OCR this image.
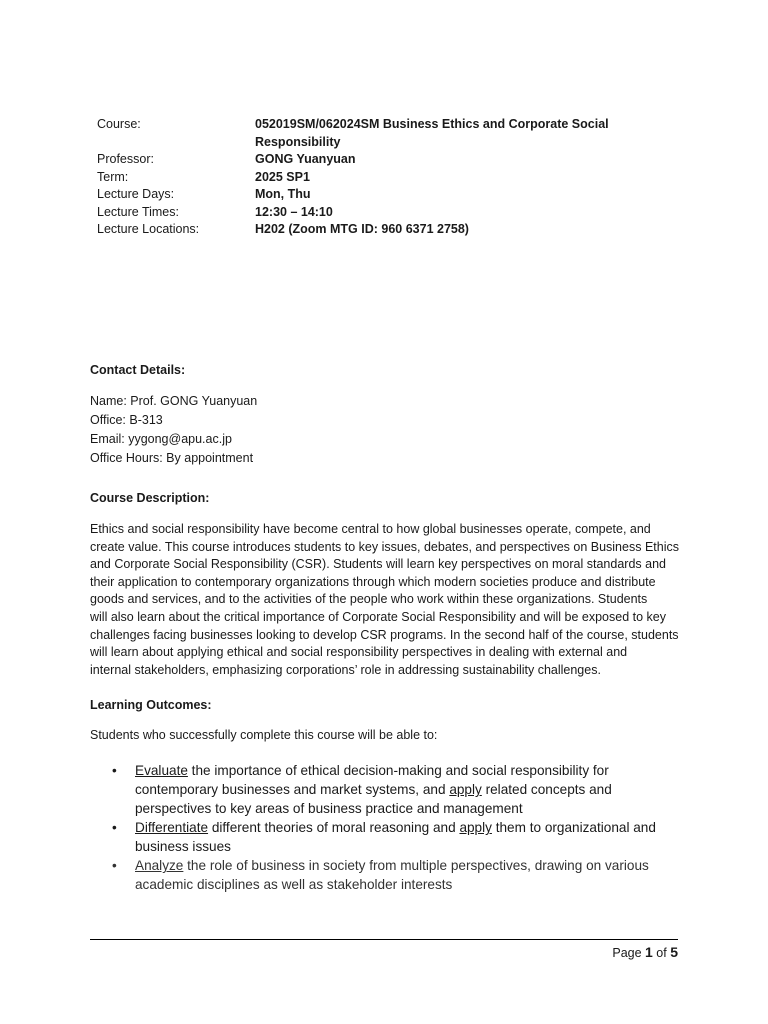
Course:	052019SM/062024SM Business Ethics and Corporate Social
Responsibility
Professor:	GONG Yuanyuan
Term:	2025 SP1
Lecture Days:	Mon, Thu
Lecture Times:	12:30 – 14:10
Lecture Locations:	H202 (Zoom MTG ID: 960 6371 2758)

Contact Details:

Name: Prof. GONG Yuanyuan
Office: B-313
Email: yygong@apu.ac.jp
Office Hours: By appointment

Course Description:

Ethics and social responsibility have become central to how global businesses operate, compete, and
create value. This course introduces students to key issues, debates, and perspectives on Business Ethics
and Corporate Social Responsibility (CSR). Students will learn key perspectives on moral standards and
their application to contemporary organizations through which modern societies produce and distribute
goods and services, and to the activities of the people who work within these organizations. Students
will also learn about the critical importance of Corporate Social Responsibility and will be exposed to key
challenges facing businesses looking to develop CSR programs. In the second half of the course, students
will learn about applying ethical and social responsibility perspectives in dealing with external and
internal stakeholders, emphasizing corporations’ role in addressing sustainability challenges.

Learning Outcomes:

Students who successfully complete this course will be able to:
• Evaluate the importance of ethical decision-making and social responsibility for
contemporary businesses and market systems, and apply related concepts and
perspectives to key areas of business practice and management
• Differentiate different theories of moral reasoning and apply them to organizational and
business issues
• Analyze the role of business in society from multiple perspectives, drawing on various
academic disciplines as well as stakeholder interests
Page 1 of 5
